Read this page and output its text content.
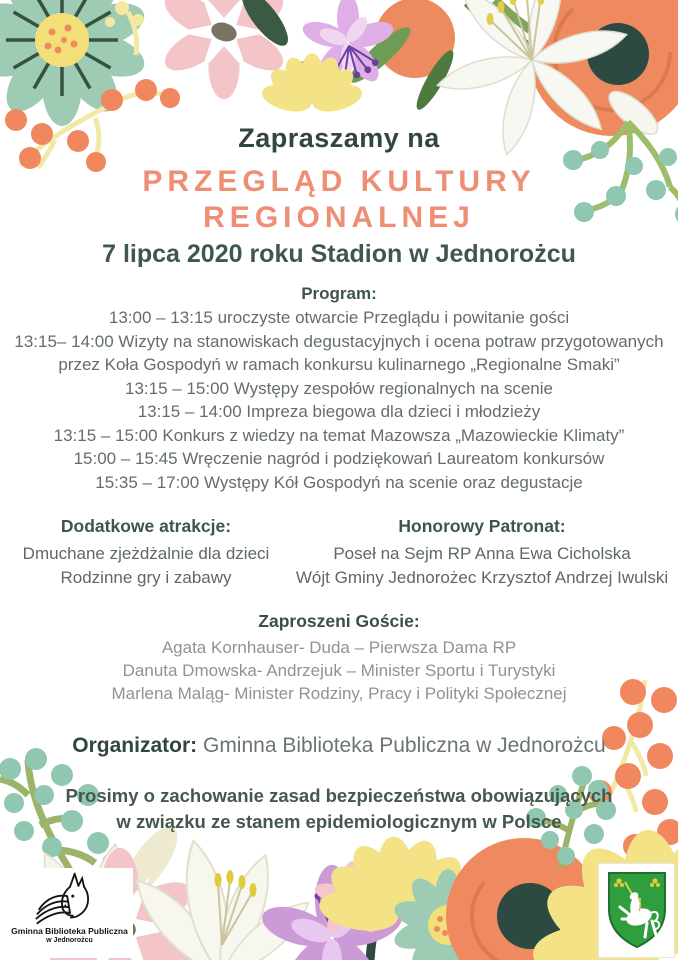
Zapraszamy na
PRZEGLĄD KULTURY
REGIONALNEJ
7 lipca 2020 roku Stadion w Jednorożcu
Program:
13:00 – 13:15 uroczyste otwarcie Przeglądu i powitanie gości
13:15– 14:00 Wizyty na stanowiskach degustacyjnych i ocena potraw przygotowanych przez Koła Gospodyń w ramach konkursu kulinarnego „Regionalne Smaki”
13:15 – 15:00 Występy zespołów regionalnych na scenie
13:15 – 14:00 Impreza biegowa dla dzieci i młodzieży
13:15 – 15:00 Konkurs z wiedzy na temat Mazowsza „Mazowieckie Klimaty”
15:00 – 15:45 Wręczenie nagród i podziękowań Laureatom konkursów
15:35 – 17:00 Występy Kół Gospodyń na scenie oraz degustacje
Dodatkowe atrakcje:
Dmuchane zjeżdżalnie dla dzieci
Rodzinne gry i zabawy
Honorowy Patronat:
Poseł na Sejm RP Anna Ewa Cicholska
Wójt Gminy Jednorożec Krzysztof Andrzej Iwulski
Zaproszeni Goście:
Agata Kornhauser- Duda – Pierwsza Dama RP
Danuta Dmowska- Andrzejuk – Minister Sportu i Turystyki
Marlena Maląg- Minister Rodziny, Pracy i Polityki Społecznej
Organizator: Gminna Biblioteka Publiczna w Jednorożcu
Prosimy o zachowanie zasad bezpieczeństwa obowiązujących w związku ze stanem epidemiologicznym w Polsce
Gminna Biblioteka Publiczna
w Jednorożcu
